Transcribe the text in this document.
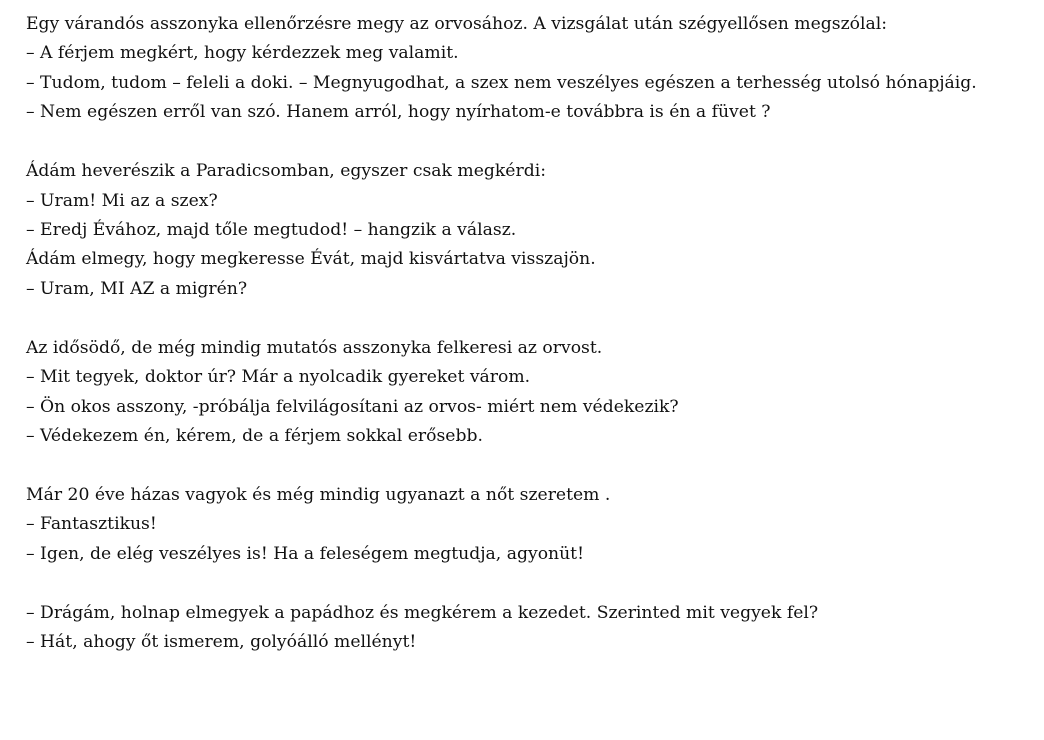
Egy várandós asszonyka ellenőrzésre megy az orvosához. A vizsgálat után szégyellősen megszólal:
– A férjem megkért, hogy kérdezzek meg valamit.
– Tudom, tudom – feleli a doki. – Megnyugodhat, a szex nem veszélyes egészen a terhesség utolsó hónapjáig.
– Nem egészen erről van szó. Hanem arról, hogy nyírhatom-e továbbra is én a füvet ?
Ádám heverészik a Paradicsomban, egyszer csak megkérdi:
– Uram! Mi az a szex?
– Eredj Évához, majd tőle megtudod! – hangzik a válasz.
Ádám elmegy, hogy megkeresse Évát, majd kisvártatva visszajön.
– Uram, MI AZ a migrén?
Az idősödő, de még mindig mutatós asszonyka felkeresi az orvost.
– Mit tegyek, doktor úr? Már a nyolcadik gyereket várom.
– Ön okos asszony, -próbálja felvilágosítani az orvos- miért nem védekezik?
– Védekezem én, kérem, de a férjem sokkal erősebb.
Már 20 éve házas vagyok és még mindig ugyanazt a nőt szeretem .
– Fantasztikus!
– Igen, de elég veszélyes is! Ha a feleségem megtudja, agyonüt!
– Drágám, holnap elmegyek a papádhoz és megkérem a kezedet. Szerinted mit vegyek fel?
– Hát, ahogy őt ismerem, golyóálló mellényt!
